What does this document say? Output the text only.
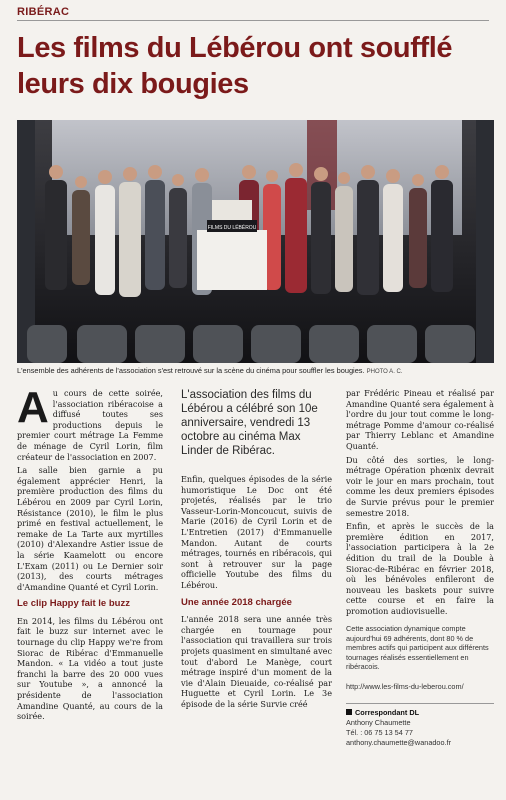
RIBÉRAC
Les films du Lébérou ont soufflé leurs dix bougies
FILMS DU LÉBÉROU
L'ensemble des adhérents de l'association s'est retrouvé sur la scène du cinéma pour souffler les bougies. PHOTO A. C.

Au cours de cette soirée, l'association ribéracoise a diffusé toutes ses productions depuis le premier court métrage La Femme de ménage de Cyril Lorin, film créateur de l'association en 2007.

La salle bien garnie a pu également apprécier Henri, la première production des films du Lébérou en 2009 par Cyril Lorin, Résistance (2010), le film le plus primé en festival actuellement, le remake de La Tarte aux myrtilles (2010) d'Alexandre Astier issue de la série Kaamelott ou encore L'Exam (2011) ou Le Dernier soir (2013), des courts métrages d'Amandine Quanté et Cyril Lorin.

Le clip Happy fait le buzz

En 2014, les films du Lébérou ont fait le buzz sur internet avec le tournage du clip Happy we're from Siorac de Ribérac d'Emmanuelle Mandon. « La vidéo a tout juste franchi la barre des 20 000 vues sur Youtube », a annoncé la présidente de l'association Amandine Quanté, au cours de la soirée.

L'association des films du Lébérou a célébré son 10e anniversaire, vendredi 13 octobre au cinéma Max Linder de Ribérac.

Enfin, quelques épisodes de la série humoristique Le Doc ont été projetés, réalisés par le trio Vasseur-Lorin-Moncoucut, suivis de Marie (2016) de Cyril Lorin et de L'Entretien (2017) d'Emmanuelle Mandon. Autant de courts métrages, tournés en ribéracois, qui sont à retrouver sur la page officielle Youtube des films du Lébérou.

Une année 2018 chargée

L'année 2018 sera une année très chargée en tournage pour l'association qui travaillera sur trois projets quasiment en simultané avec tout d'abord Le Manège, court métrage inspiré d'un moment de la vie d'Alain Dieuaide, co-réalisé par Huguette et Cyril Lorin. Le 3e épisode de la série Survie créé

par Frédéric Pineau et réalisé par Amandine Quanté sera également à l'ordre du jour tout comme le long-métrage Pomme d'amour co-réalisé par Thierry Leblanc et Amandine Quanté.

Du côté des sorties, le long-métrage Opération phœnix devrait voir le jour en mars prochain, tout comme les deux premiers épisodes de Survie prévus pour le premier semestre 2018.

Enfin, et après le succès de la première édition en 2017, l'association participera à la 2e édition du trail de la Double à Siorac-de-Ribérac en février 2018, où les bénévoles enfileront de nouveau les baskets pour suivre cette course et en faire la promotion audiovisuelle.

Cette association dynamique compte aujourd'hui 69 adhérents, dont 80 % de membres actifs qui participent aux différents tournages réalisés essentiellement en ribéracois.
http://www.les-films-du-leberou.com/
Correspondant DL
Anthony Chaumette
Tél. : 06 75 13 54 77
anthony.chaumette@wanadoo.fr
